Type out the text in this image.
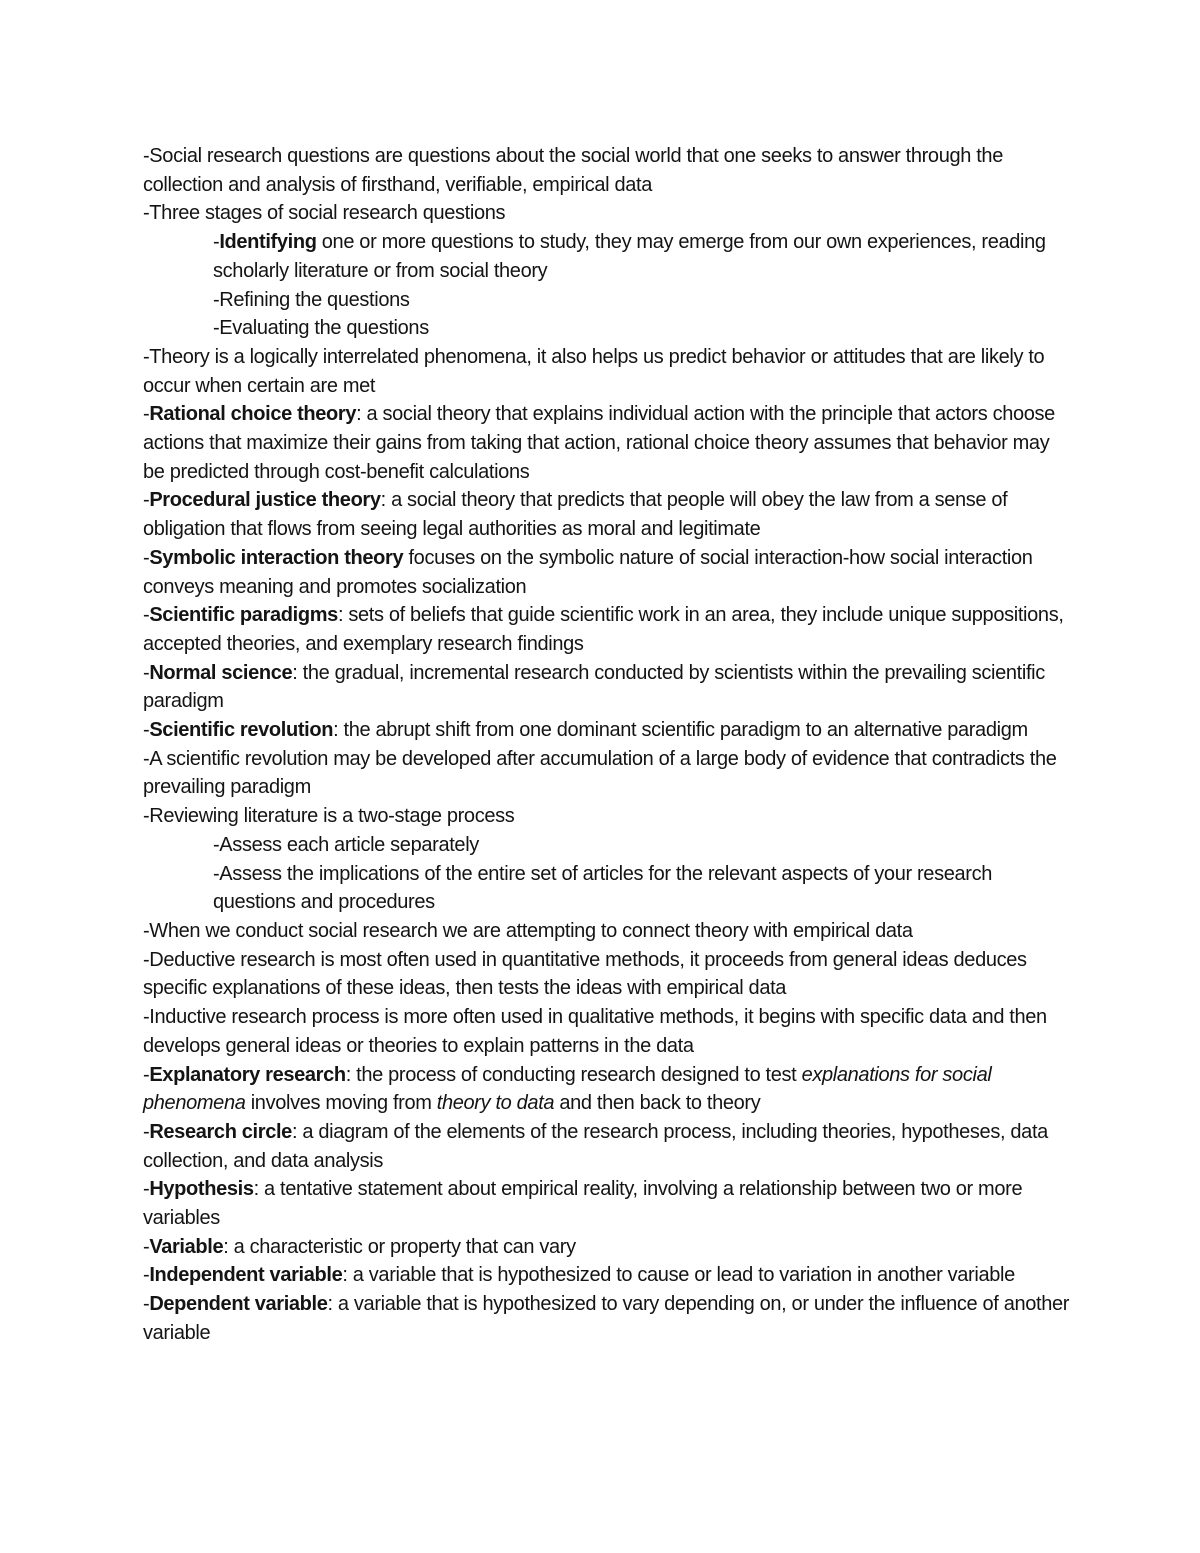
-Social research questions are questions about the social world that one seeks to answer through the collection and analysis of firsthand, verifiable, empirical data

-Three stages of social research questions

-Identifying one or more questions to study, they may emerge from our own experiences, reading scholarly literature or from social theory

-Refining the questions

-Evaluating the questions

-Theory is a logically interrelated phenomena, it also helps us predict behavior or attitudes that are likely to occur when certain are met

-Rational choice theory: a social theory that explains individual action with the principle that actors choose actions that maximize their gains from taking that action, rational choice theory assumes that behavior may be predicted through cost-benefit calculations

-Procedural justice theory: a social theory that predicts that people will obey the law from a sense of obligation that flows from seeing legal authorities as moral and legitimate

-Symbolic interaction theory focuses on the symbolic nature of social interaction-how social interaction conveys meaning and promotes socialization

-Scientific paradigms: sets of beliefs that guide scientific work in an area, they include unique suppositions, accepted theories, and exemplary research findings

-Normal science: the gradual, incremental research conducted by scientists within the prevailing scientific paradigm

-Scientific revolution: the abrupt shift from one dominant scientific paradigm to an alternative paradigm

-A scientific revolution may be developed after accumulation of a large body of evidence that contradicts the prevailing paradigm

-Reviewing literature is a two-stage process

-Assess each article separately

-Assess the implications of the entire set of articles for the relevant aspects of your research questions and procedures

-When we conduct social research we are attempting to connect theory with empirical data

-Deductive research is most often used in quantitative methods, it proceeds from general ideas deduces specific explanations of these ideas, then tests the ideas with empirical data

-Inductive research process is more often used in qualitative methods, it begins with specific data and then develops general ideas or theories to explain patterns in the data

-Explanatory research: the process of conducting research designed to test explanations for social phenomena involves moving from theory to data and then back to theory

-Research circle: a diagram of the elements of the research process, including theories, hypotheses, data collection, and data analysis

-Hypothesis: a tentative statement about empirical reality, involving a relationship between two or more variables

-Variable: a characteristic or property that can vary

-Independent variable: a variable that is hypothesized to cause or lead to variation in another variable

-Dependent variable: a variable that is hypothesized to vary depending on, or under the influence of another variable
